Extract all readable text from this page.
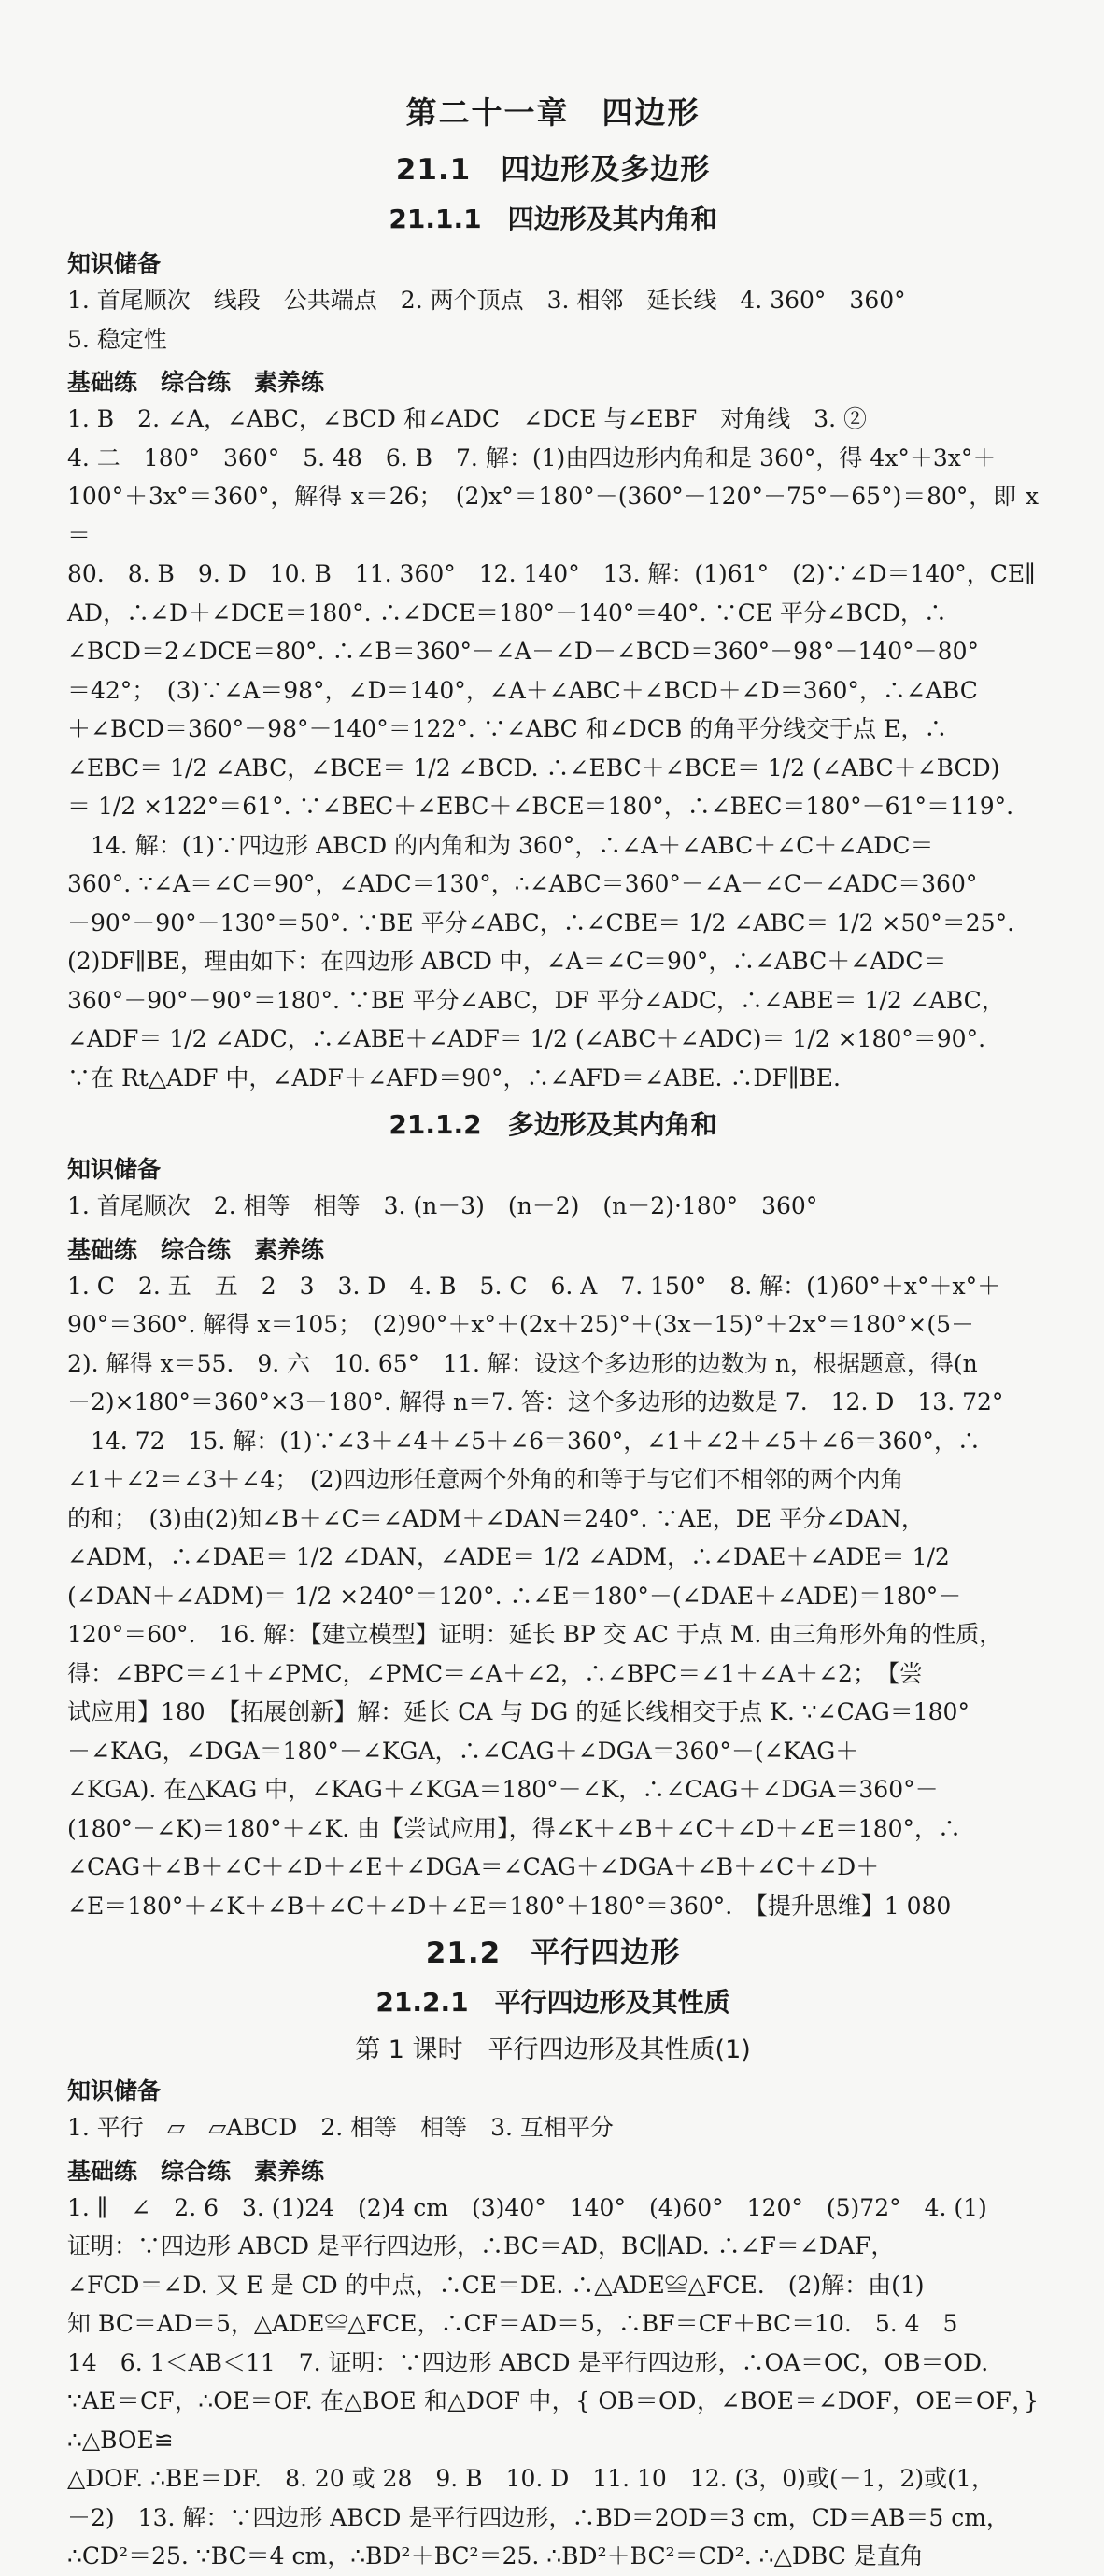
第二十一章　四边形
21.1　四边形及多边形
21.1.1　四边形及其内角和
知识储备

1. 首尾顺次　线段　公共端点　2. 两个顶点　3. 相邻　延长线　4. 360°　360°

5. 稳定性

基础练　综合练　素养练

1. B　2. ∠A，∠ABC，∠BCD 和∠ADC　∠DCE 与∠EBF　对角线　3. ②

4. 二　180°　360°　5. 48　6. B　7. 解：(1)由四边形内角和是 360°，得 4x°＋3x°＋

100°＋3x°＝360°，解得 x＝26；　(2)x°＝180°－(360°－120°－75°－65°)＝80°，即 x＝

80.　8. B　9. D　10. B　11. 360°　12. 140°　13. 解：(1)61°　(2)∵∠D＝140°，CE∥

AD，∴∠D＋∠DCE＝180°. ∴∠DCE＝180°－140°＝40°. ∵CE 平分∠BCD，∴

∠BCD＝2∠DCE＝80°. ∴∠B＝360°－∠A－∠D－∠BCD＝360°－98°－140°－80°

＝42°；　(3)∵∠A＝98°，∠D＝140°，∠A＋∠ABC＋∠BCD＋∠D＝360°，∴∠ABC

＋∠BCD＝360°－98°－140°＝122°. ∵∠ABC 和∠DCB 的角平分线交于点 E，∴

∠EBC＝ 1/2 ∠ABC，∠BCE＝ 1/2 ∠BCD. ∴∠EBC＋∠BCE＝ 1/2 (∠ABC＋∠BCD)

＝ 1/2 ×122°＝61°. ∵∠BEC＋∠EBC＋∠BCE＝180°，∴∠BEC＝180°－61°＝119°.

　14. 解：(1)∵四边形 ABCD 的内角和为 360°，∴∠A＋∠ABC＋∠C＋∠ADC＝

360°. ∵∠A＝∠C＝90°，∠ADC＝130°，∴∠ABC＝360°－∠A－∠C－∠ADC＝360°

－90°－90°－130°＝50°. ∵BE 平分∠ABC，∴∠CBE＝ 1/2 ∠ABC＝ 1/2 ×50°＝25°.

(2)DF∥BE，理由如下：在四边形 ABCD 中，∠A＝∠C＝90°，∴∠ABC＋∠ADC＝

360°－90°－90°＝180°. ∵BE 平分∠ABC，DF 平分∠ADC，∴∠ABE＝ 1/2 ∠ABC，

∠ADF＝ 1/2 ∠ADC，∴∠ABE＋∠ADF＝ 1/2 (∠ABC＋∠ADC)＝ 1/2 ×180°＝90°.

∵在 Rt△ADF 中，∠ADF＋∠AFD＝90°，∴∠AFD＝∠ABE. ∴DF∥BE.

21.1.2　多边形及其内角和
知识储备

1. 首尾顺次　2. 相等　相等　3. (n－3)　(n－2)　(n－2)·180°　360°

基础练　综合练　素养练

1. C　2. 五　五　2　3　3. D　4. B　5. C　6. A　7. 150°　8. 解：(1)60°＋x°＋x°＋

90°＝360°. 解得 x＝105；　(2)90°＋x°＋(2x＋25)°＋(3x－15)°＋2x°＝180°×(5－

2). 解得 x＝55.　9. 六　10. 65°　11. 解：设这个多边形的边数为 n，根据题意，得(n

－2)×180°＝360°×3－180°. 解得 n＝7. 答：这个多边形的边数是 7.　12. D　13. 72°

　14. 72　15. 解：(1)∵∠3＋∠4＋∠5＋∠6＝360°，∠1＋∠2＋∠5＋∠6＝360°，∴

∠1＋∠2＝∠3＋∠4；　(2)四边形任意两个外角的和等于与它们不相邻的两个内角

的和；　(3)由(2)知∠B＋∠C＝∠ADM＋∠DAN＝240°. ∵AE，DE 平分∠DAN，

∠ADM，∴∠DAE＝ 1/2 ∠DAN，∠ADE＝ 1/2 ∠ADM，∴∠DAE＋∠ADE＝ 1/2

(∠DAN＋∠ADM)＝ 1/2 ×240°＝120°. ∴∠E＝180°－(∠DAE＋∠ADE)＝180°－

120°＝60°.　16. 解：【建立模型】证明：延长 BP 交 AC 于点 M. 由三角形外角的性质，

得：∠BPC＝∠1＋∠PMC，∠PMC＝∠A＋∠2，∴∠BPC＝∠1＋∠A＋∠2；　【尝

试应用】180　【拓展创新】解：延长 CA 与 DG 的延长线相交于点 K. ∵∠CAG＝180°

－∠KAG，∠DGA＝180°－∠KGA，∴∠CAG＋∠DGA＝360°－(∠KAG＋

∠KGA). 在△KAG 中，∠KAG＋∠KGA＝180°－∠K，∴∠CAG＋∠DGA＝360°－

(180°－∠K)＝180°＋∠K. 由【尝试应用】，得∠K＋∠B＋∠C＋∠D＋∠E＝180°，∴

∠CAG＋∠B＋∠C＋∠D＋∠E＋∠DGA＝∠CAG＋∠DGA＋∠B＋∠C＋∠D＋

∠E＝180°＋∠K＋∠B＋∠C＋∠D＋∠E＝180°＋180°＝360°.　【提升思维】1 080

21.2　平行四边形
21.2.1　平行四边形及其性质
第 1 课时　平行四边形及其性质(1)
知识储备

1. 平行　▱　▱ABCD　2. 相等　相等　3. 互相平分

基础练　综合练　素养练

1. ∥　∠　2. 6　3. (1)24　(2)4 cm　(3)40°　140°　(4)60°　120°　(5)72°　4. (1)

证明：∵四边形 ABCD 是平行四边形，∴BC＝AD，BC∥AD. ∴∠F＝∠DAF，

∠FCD＝∠D. 又 E 是 CD 的中点，∴CE＝DE. ∴△ADE≌△FCE.　(2)解：由(1)

知 BC＝AD＝5，△ADE≌△FCE，∴CF＝AD＝5，∴BF＝CF＋BC＝10.　5. 4　5

14　6. 1＜AB＜11　7. 证明：∵四边形 ABCD 是平行四边形，∴OA＝OC，OB＝OD.

∵AE＝CF，∴OE＝OF. 在△BOE 和△DOF 中，{ OB＝OD，∠BOE＝∠DOF，OE＝OF，} ∴△BOE≌

△DOF. ∴BE＝DF.　8. 20 或 28　9. B　10. D　11. 10　12. (3，0)或(－1，2)或(1，

－2)　13. 解：∵四边形 ABCD 是平行四边形，∴BD＝2OD＝3 cm，CD＝AB＝5 cm，

∴CD²＝25. ∵BC＝4 cm，∴BD²＋BC²＝25. ∴BD²＋BC²＝CD². ∴△DBC 是直角
